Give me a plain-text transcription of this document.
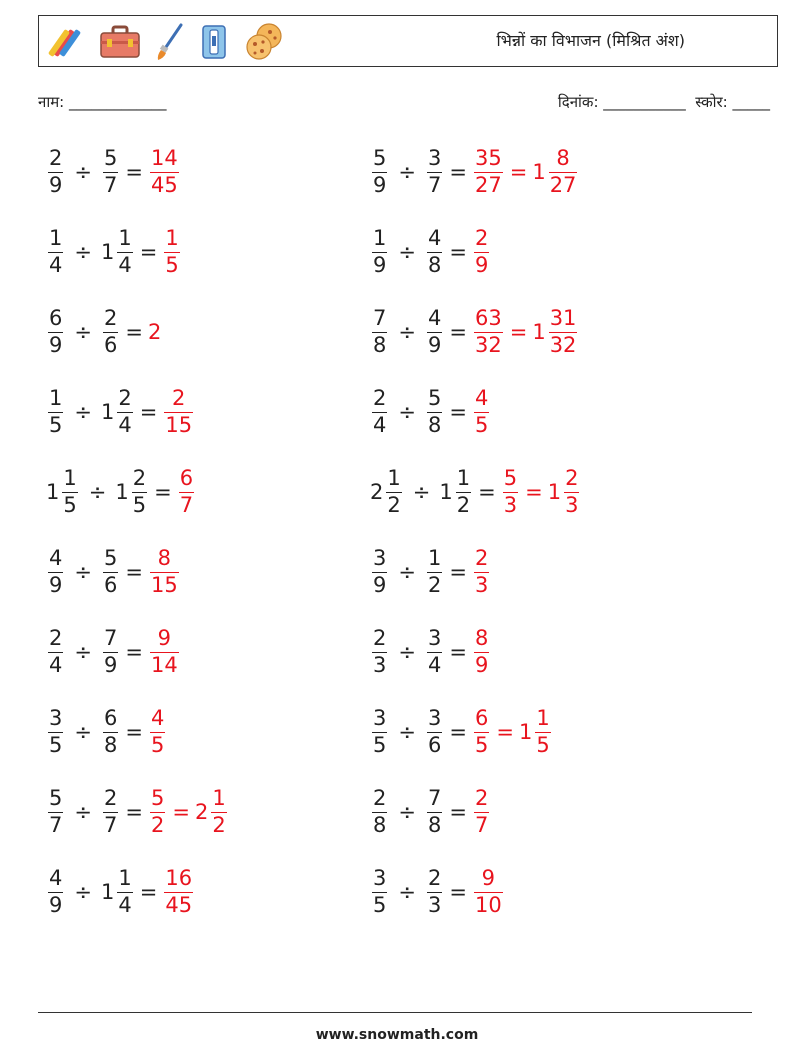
भिन्नों का विभाजन (मिश्रित अंश)
नाम: _____________	दिनांक: ___________  स्कोर: _____
$\frac{2}{9} \div \frac{5}{7} = \frac{14}{45}$	$\frac{5}{9} \div \frac{3}{7} = \frac{35}{27} = 1 \frac{8}{27}$
$\frac{1}{4} \div 1 \frac{1}{4} = \frac{1}{5}$	$\frac{1}{9} \div \frac{4}{8} = \frac{2}{9}$
$\frac{6}{9} \div \frac{2}{6} = 2$	$\frac{7}{8} \div \frac{4}{9} = \frac{63}{32} = 1 \frac{31}{32}$
$\frac{1}{5} \div 1 \frac{2}{4} = \frac{2}{15}$	$\frac{2}{4} \div \frac{5}{8} = \frac{4}{5}$
$1 \frac{1}{5} \div 1 \frac{2}{5} = \frac{6}{7}$	$2 \frac{1}{2} \div 1 \frac{1}{2} = \frac{5}{3} = 1 \frac{2}{3}$
$\frac{4}{9} \div \frac{5}{6} = \frac{8}{15}$	$\frac{3}{9} \div \frac{1}{2} = \frac{2}{3}$
$\frac{2}{4} \div \frac{7}{9} = \frac{9}{14}$	$\frac{2}{3} \div \frac{3}{4} = \frac{8}{9}$
$\frac{3}{5} \div \frac{6}{8} = \frac{4}{5}$	$\frac{3}{5} \div \frac{3}{6} = \frac{6}{5} = 1 \frac{1}{5}$
$\frac{5}{7} \div \frac{2}{7} = \frac{5}{2} = 2 \frac{1}{2}$	$\frac{2}{8} \div \frac{7}{8} = \frac{2}{7}$
$\frac{4}{9} \div 1 \frac{1}{4} = \frac{16}{45}$	$\frac{3}{5} \div \frac{2}{3} = \frac{9}{10}$
www.snowmath.com
